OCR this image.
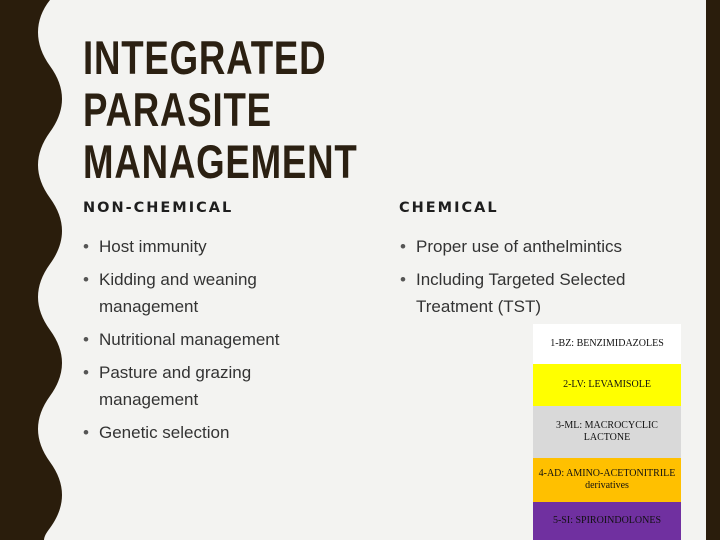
INTEGRATED PARASITE
MANAGEMENT
NON-CHEMICAL	CHEMICAL
• Host immunity
• Kidding and weaning management
• Nutritional management
• Pasture and grazing management
• Genetic selection
• Proper use of anthelmintics
• Including Targeted Selected Treatment (TST)
1-BZ: BENZIMIDAZOLES
2-LV: LEVAMISOLE
3-ML: MACROCYCLIC LACTONE
4-AD: AMINO-ACETONITRILE derivatives
5-SI: SPIROINDOLONES
